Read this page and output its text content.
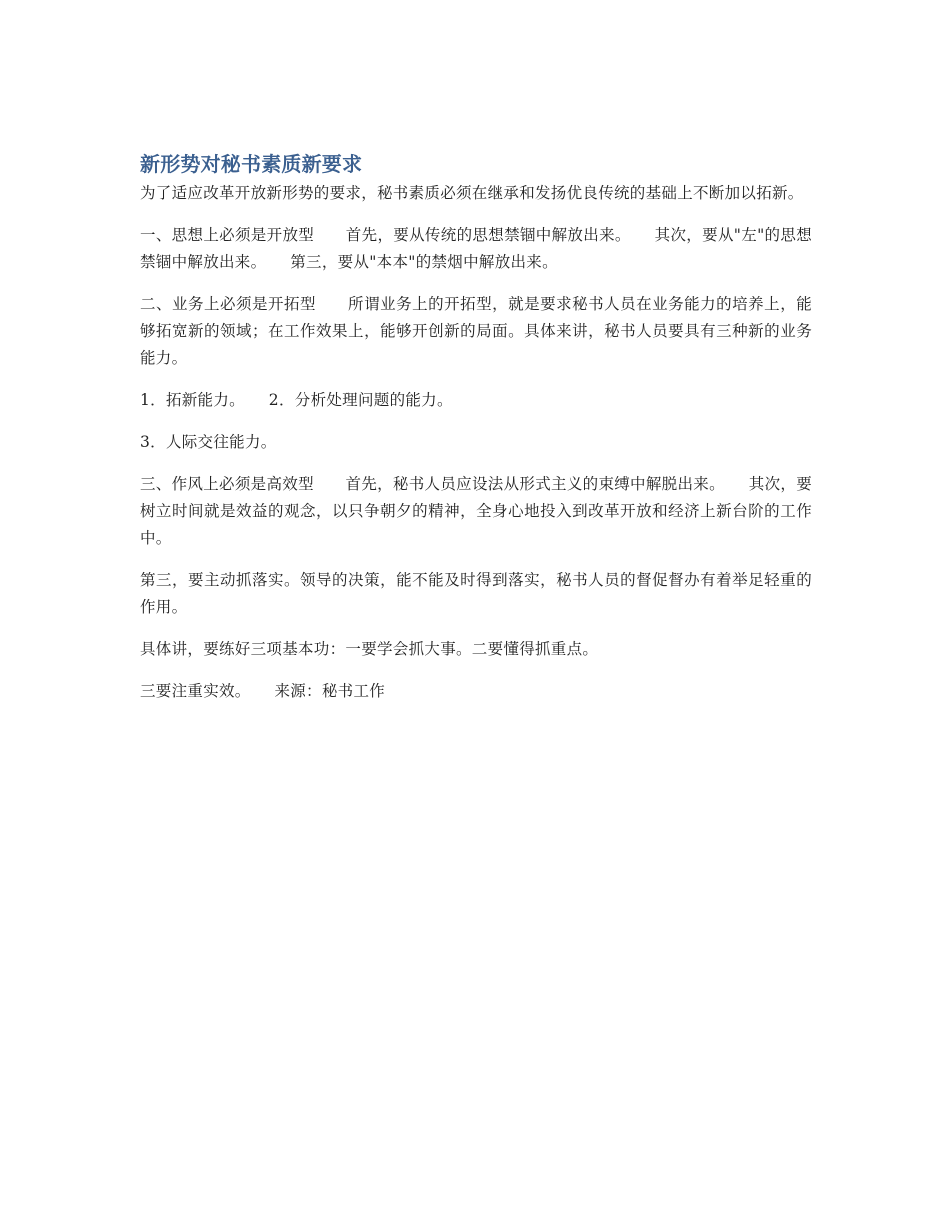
新形势对秘书素质新要求

为了适应改革开放新形势的要求，秘书素质必须在继承和发扬优良传统的基础上不断加以拓新。

一、思想上必须是开放型　　首先，要从传统的思想禁锢中解放出来。　　其次，要从"左"的思想禁锢中解放出来。　　第三，要从"本本"的禁烟中解放出来。

二、业务上必须是开拓型　　所谓业务上的开拓型，就是要求秘书人员在业务能力的培养上，能够拓宽新的领域；在工作效果上，能够开创新的局面。具体来讲，秘书人员要具有三种新的业务能力。

1．拓新能力。　　2．分析处理问题的能力。

3．人际交往能力。

三、作风上必须是高效型　　首先，秘书人员应设法从形式主义的束缚中解脱出来。　　其次，要树立时间就是效益的观念，以只争朝夕的精神，全身心地投入到改革开放和经济上新台阶的工作中。

第三，要主动抓落实。领导的决策，能不能及时得到落实，秘书人员的督促督办有着举足轻重的作用。

具体讲，要练好三项基本功：一要学会抓大事。二要懂得抓重点。

三要注重实效。　　来源：秘书工作
